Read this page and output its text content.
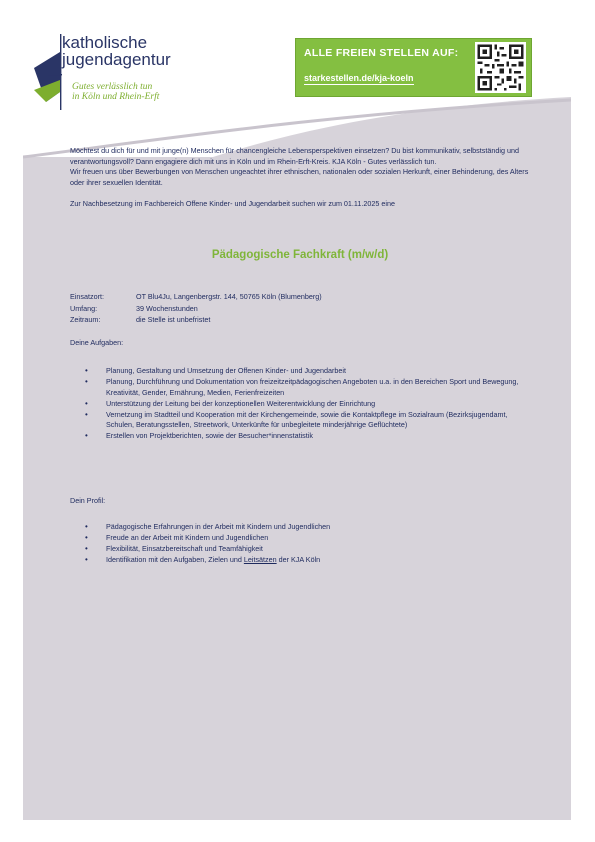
katholische
jugendagentur
Gutes verlässlich tun
in Köln und Rhein-Erft
ALLE FREIEN STELLEN AUF:
starkestellen.de/kja-koeln

Möchtest du dich für und mit junge(n) Menschen für chancengleiche Lebensperspektiven einsetzen? Du bist kommunikativ, selbstständig und verantwortungsvoll? Dann engagiere dich mit uns in Köln und im Rhein-Erft-Kreis. KJA Köln - Gutes verlässlich tun.

Wir freuen uns über Bewerbungen von Menschen ungeachtet ihrer ethnischen, nationalen oder sozialen Herkunft, einer Behinderung, des Alters oder ihrer sexuellen Identität.

Zur Nachbesetzung im Fachbereich Offene Kinder- und Jugendarbeit suchen wir zum 01.11.2025 eine

Pädagogische Fachkraft (m/w/d)
Einsatzort:	OT Blu4Ju, Langenbergstr. 144, 50765 Köln (Blumenberg)
Umfang:	39 Wochenstunden
Zeitraum:	die Stelle ist unbefristet
Deine Aufgaben:
• Planung, Gestaltung und Umsetzung der Offenen Kinder- und Jugendarbeit
• Planung, Durchführung und Dokumentation von freizeitzeitpädagogischen Angeboten u.a. in den Bereichen Sport und Bewegung, Kreativität, Gender, Ernährung, Medien, Ferienfreizeiten
• Unterstützung der Leitung bei der konzeptionellen Weiterentwicklung der Einrichtung
• Vernetzung im Stadtteil und Kooperation mit der Kirchengemeinde, sowie die Kontaktpflege im Sozialraum (Bezirksjugendamt, Schulen, Beratungsstellen, Streetwork, Unterkünfte für unbegleitete minderjährige Geflüchtete)
• Erstellen von Projektberichten, sowie der Besucher*innenstatistik
Dein Profil:
• Pädagogische Erfahrungen in der Arbeit mit Kindern und Jugendlichen
• Freude an der Arbeit mit Kindern und Jugendlichen
• Flexibilität, Einsatzbereitschaft und Teamfähigkeit
• Identifikation mit den Aufgaben, Zielen und Leitsätzen der KJA Köln
